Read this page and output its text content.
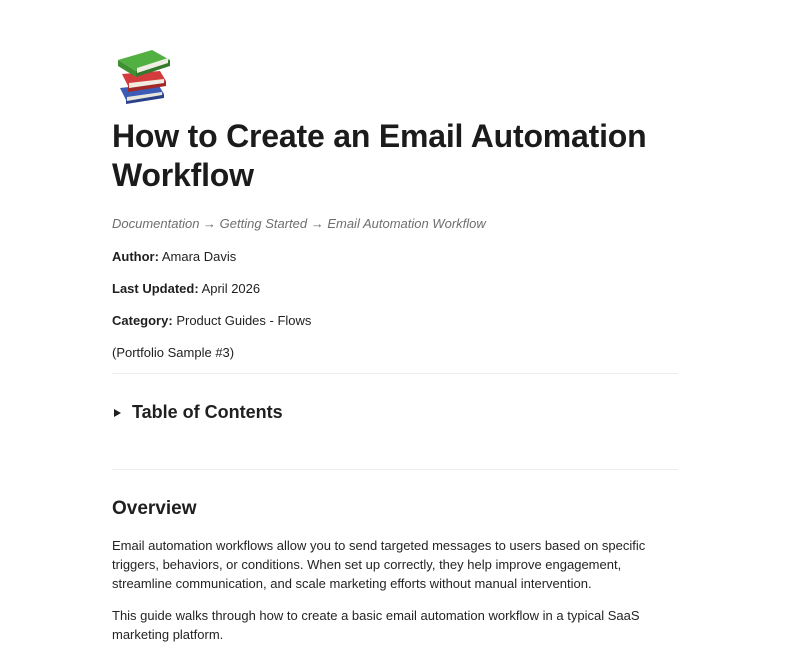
How to Create an Email Automation Workflow
Documentation → Getting Started → Email Automation Workflow
Author: Amara Davis
Last Updated: April 2026
Category: Product Guides - Flows
(Portfolio Sample #3)
Table of Contents
Overview

Email automation workflows allow you to send targeted messages to users based on specific triggers, behaviors, or conditions. When set up correctly, they help improve engagement, streamline communication, and scale marketing efforts without manual intervention.

This guide walks through how to create a basic email automation workflow in a typical SaaS marketing platform.
